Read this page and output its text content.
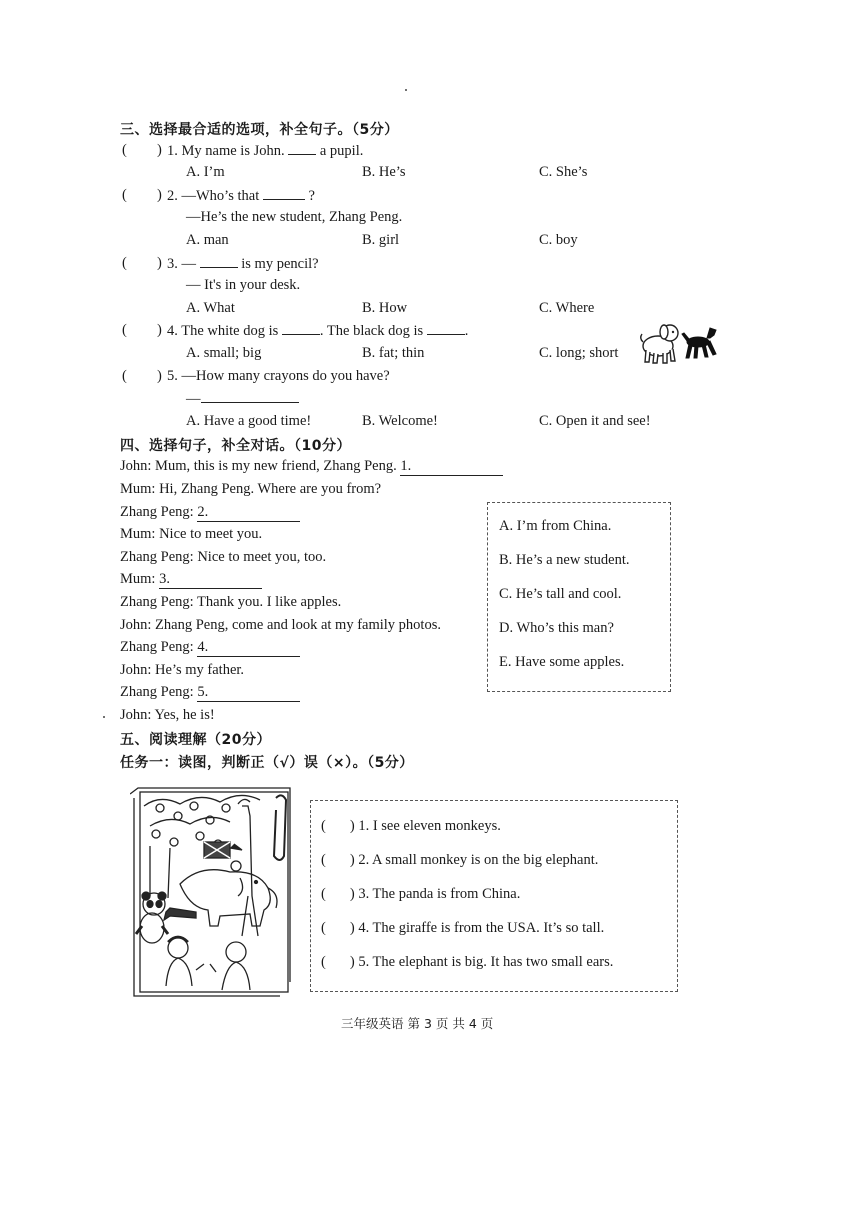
三、选择最合适的选项，补全句子。（5分）
( ) 1. My name is John. a pupil.
A. I’m	B. He’s	C. She’s
( ) 2. —Who’s that	?
—He’s the new student, Zhang Peng.
A. man	B. girl	C. boy
( ) 3. —	is my pencil?
— It's in your desk.
A. What	B. How	C. Where
( ) 4. The white dog is	. The black dog is	.
A. small; big	B. fat; thin	C. long; short
( ) 5. —How many crayons do you have?
—
A. Have a good time!	B. Welcome!	C. Open it and see!
四、选择句子，补全对话。（10分）
John: Mum, this is my new friend, Zhang Peng. 1.
Mum: Hi, Zhang Peng. Where are you from?
Zhang Peng: 2.
Mum: Nice to meet you.
Zhang Peng: Nice to meet you, too.
Mum: 3.
Zhang Peng: Thank you. I like apples.
John: Zhang Peng, come and look at my family photos.
Zhang Peng: 4.
John: He’s my father.
Zhang Peng: 5.
John: Yes, he is!
A. I’m from China.
B. He’s a new student.
C. He’s tall and cool.
D. Who’s this man?
E. Have some apples.
五、阅读理解（20分）
任务一：读图，判断正（√）误（×）。（5分）
( ) 1. I see eleven monkeys.
( ) 2. A small monkey is on the big elephant.
( ) 3. The panda is from China.
( ) 4. The giraffe is from the USA. It’s so tall.
( ) 5. The elephant is big. It has two small ears.
三年级英语 第 3 页 共 4 页
